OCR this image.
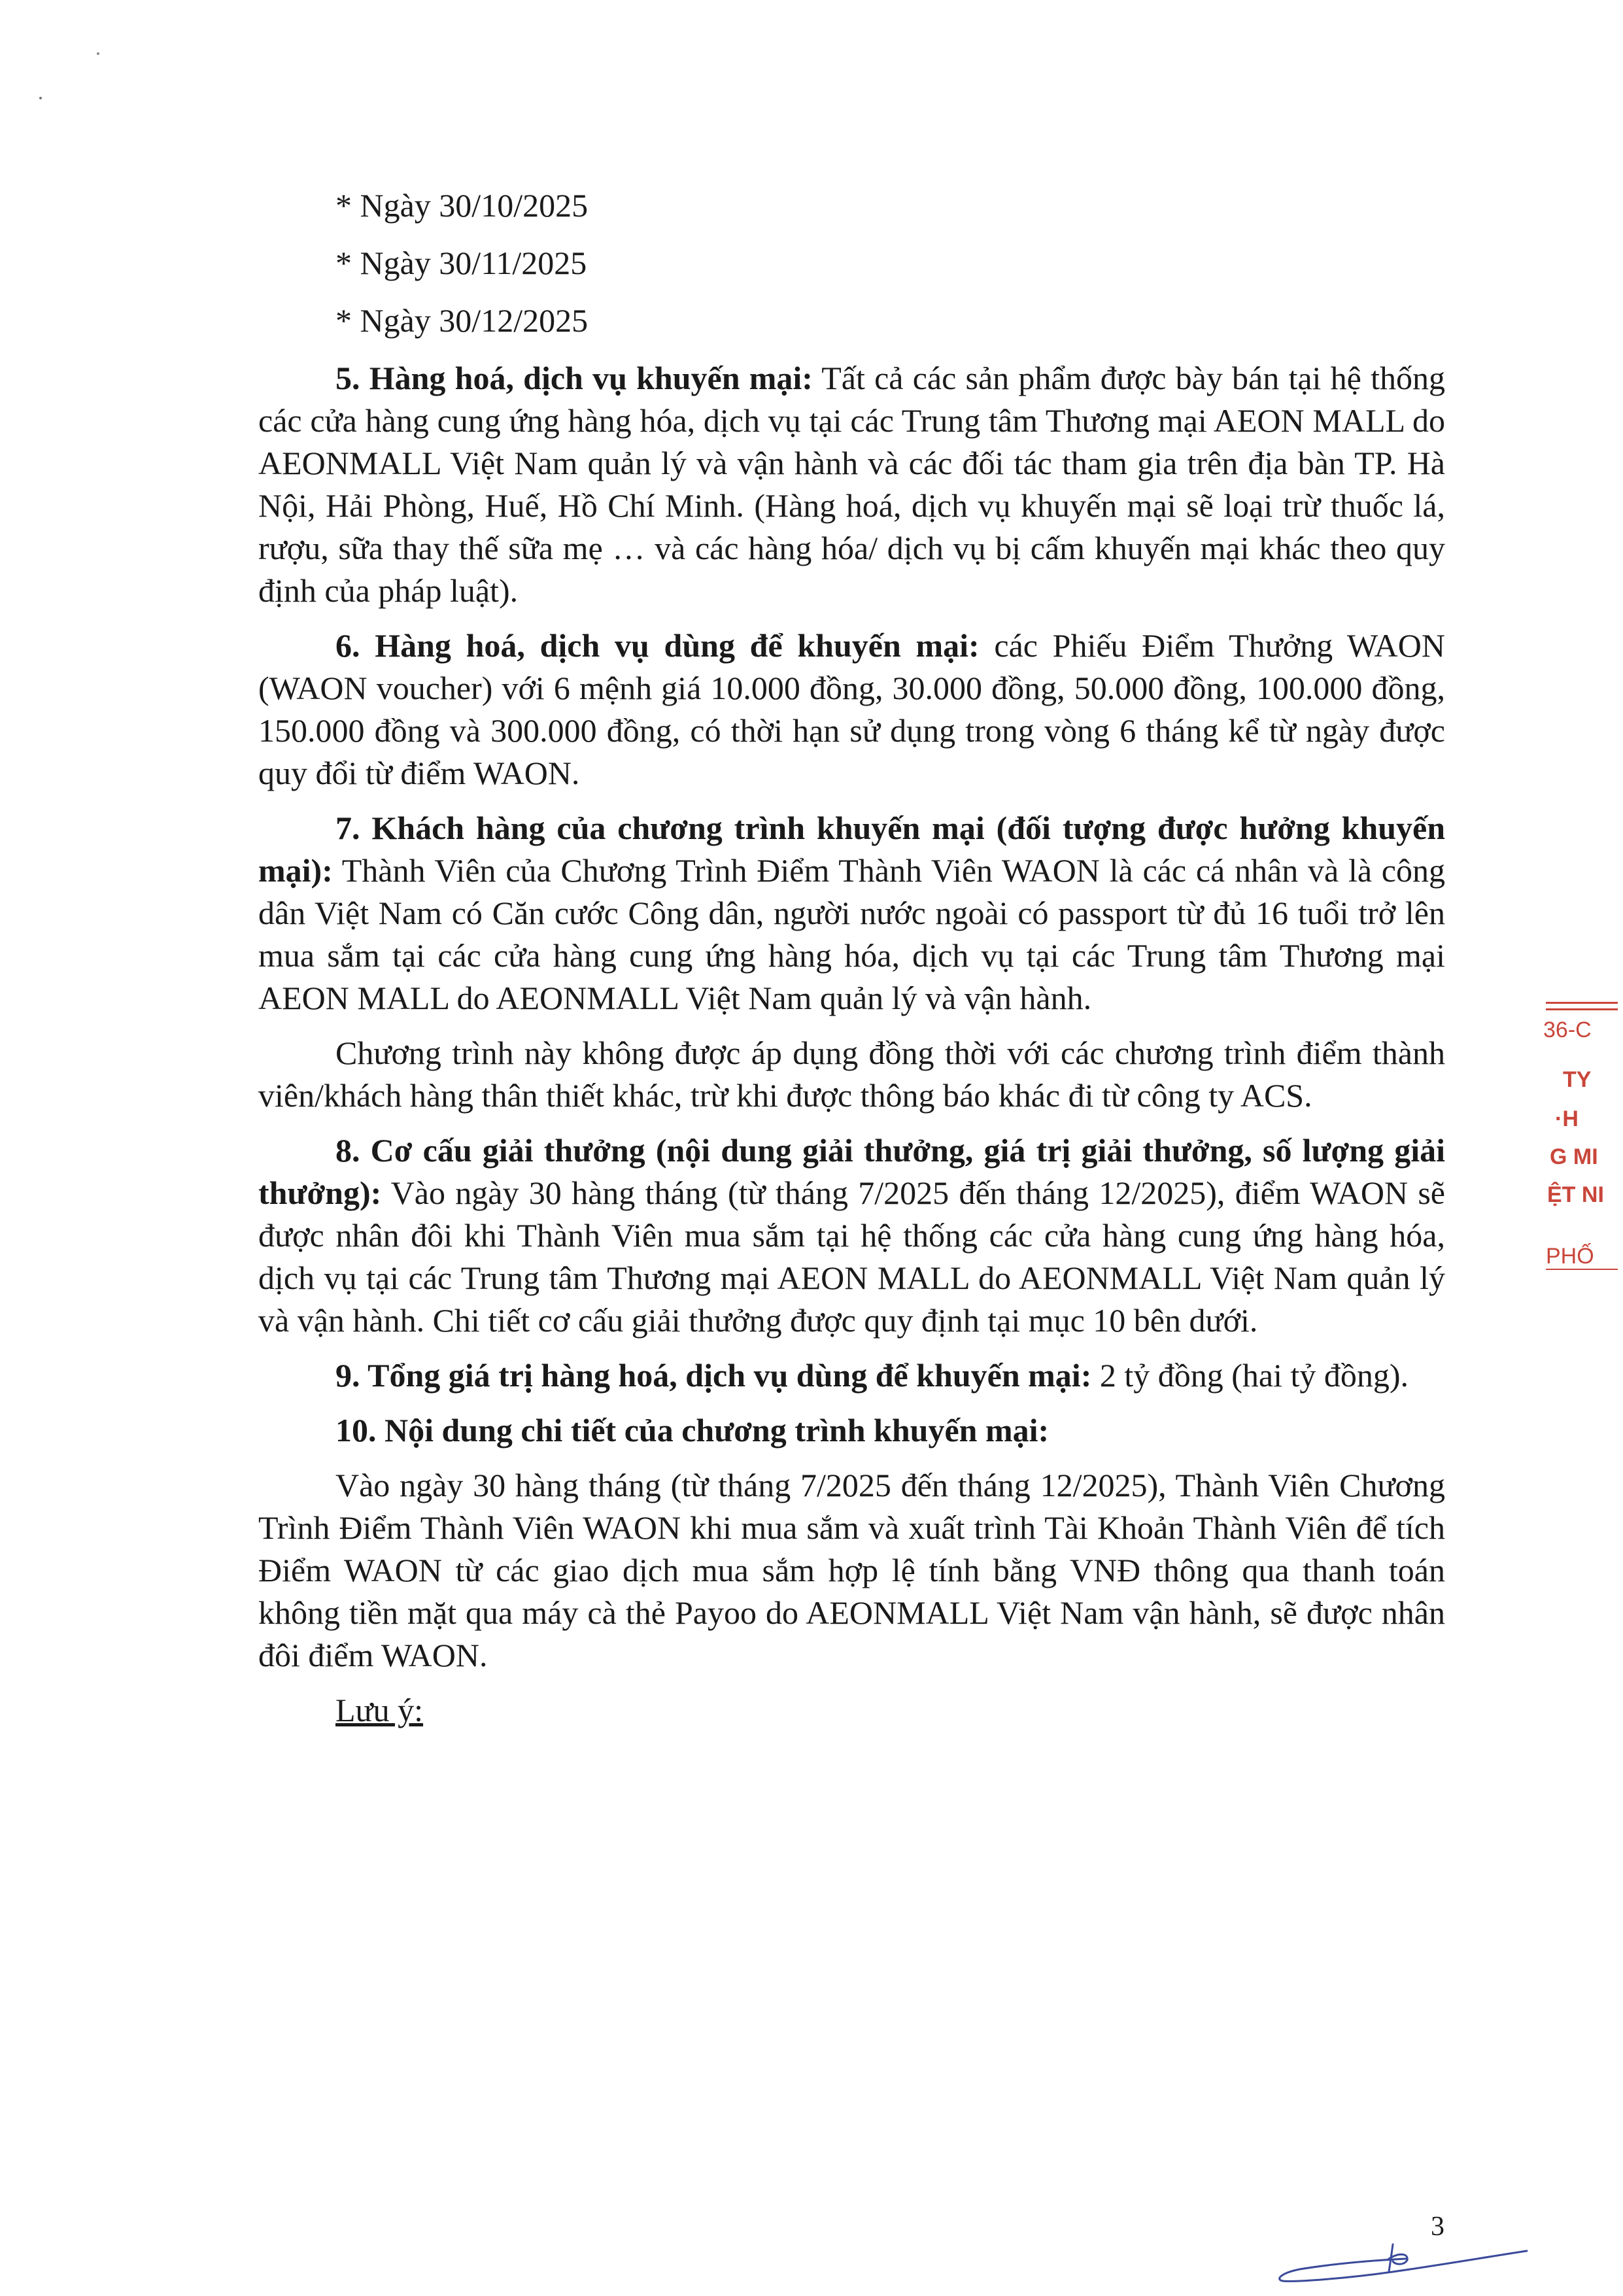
* Ngày 30/10/2025

* Ngày 30/11/2025

* Ngày 30/12/2025

5. Hàng hoá, dịch vụ khuyến mại: Tất cả các sản phẩm được bày bán tại hệ thống các cửa hàng cung ứng hàng hóa, dịch vụ tại các Trung tâm Thương mại AEON MALL do AEONMALL Việt Nam quản lý và vận hành và các đối tác tham gia trên địa bàn TP. Hà Nội, Hải Phòng, Huế, Hồ Chí Minh. (Hàng hoá, dịch vụ khuyến mại sẽ loại trừ thuốc lá, rượu, sữa thay thế sữa mẹ … và các hàng hóa/ dịch vụ bị cấm khuyến mại khác theo quy định của pháp luật).

6. Hàng hoá, dịch vụ dùng để khuyến mại: các Phiếu Điểm Thưởng WAON (WAON voucher) với 6 mệnh giá 10.000 đồng, 30.000 đồng, 50.000 đồng, 100.000 đồng, 150.000 đồng và 300.000 đồng, có thời hạn sử dụng trong vòng 6 tháng kể từ ngày được quy đổi từ điểm WAON.

7. Khách hàng của chương trình khuyến mại (đối tượng được hưởng khuyến mại): Thành Viên của Chương Trình Điểm Thành Viên WAON là các cá nhân và là công dân Việt Nam có Căn cước Công dân, người nước ngoài có passport từ đủ 16 tuổi trở lên mua sắm tại các cửa hàng cung ứng hàng hóa, dịch vụ tại các Trung tâm Thương mại AEON MALL do AEONMALL Việt Nam quản lý và vận hành.

Chương trình này không được áp dụng đồng thời với các chương trình điểm thành viên/khách hàng thân thiết khác, trừ khi được thông báo khác đi từ công ty ACS.

8. Cơ cấu giải thưởng (nội dung giải thưởng, giá trị giải thưởng, số lượng giải thưởng): Vào ngày 30 hàng tháng (từ tháng 7/2025 đến tháng 12/2025), điểm WAON sẽ được nhân đôi khi Thành Viên mua sắm tại hệ thống các cửa hàng cung ứng hàng hóa, dịch vụ tại các Trung tâm Thương mại AEON MALL do AEONMALL Việt Nam quản lý và vận hành. Chi tiết cơ cấu giải thưởng được quy định tại mục 10 bên dưới.

9. Tổng giá trị hàng hoá, dịch vụ dùng để khuyến mại: 2 tỷ đồng (hai tỷ đồng).

10. Nội dung chi tiết của chương trình khuyến mại:

Vào ngày 30 hàng tháng (từ tháng 7/2025 đến tháng 12/2025), Thành Viên Chương Trình Điểm Thành Viên WAON khi mua sắm và xuất trình Tài Khoản Thành Viên để tích Điểm WAON từ các giao dịch mua sắm hợp lệ tính bằng VNĐ thông qua thanh toán không tiền mặt qua máy cà thẻ Payoo do AEONMALL Việt Nam vận hành, sẽ được nhân đôi điểm WAON.

Lưu ý:

3
36-C
TY
·H
G MI
ỆT NI
PHỐ
